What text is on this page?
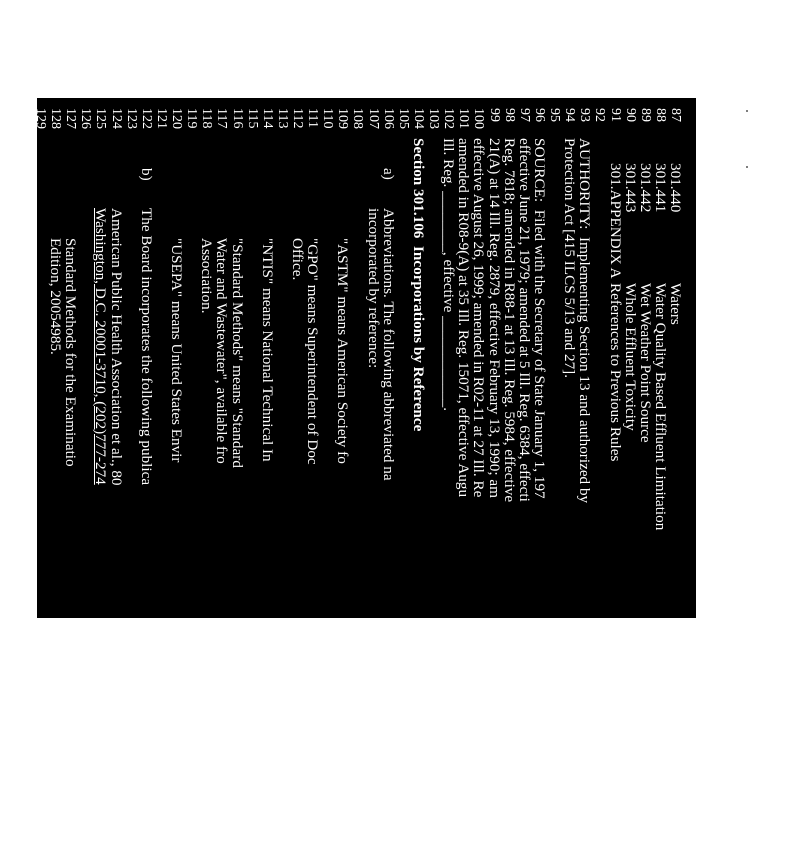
87
301.440
Waters
88
301.441
Water Quality Based Effluent Limitation
89
301.442
Wet Weather Point Source
90
301.443
Whole Effluent Toxicity
91
301.APPENDIX A
References to Previous Rules
92
93
AUTHORITY:  Implementing Section 13 and authorized by
94
Protection Act [415 ILCS 5/13 and 27].
95
96
SOURCE:  Filed with the Secretary of State January 1, 197
97
effective June 21, 1979; amended at 5 Ill. Reg. 6384, effecti
98
Reg. 7818; amended in R88-1 at 13 Ill. Reg. 5984, effective
99
21(A) at 14 Ill. Reg. 2879, effective February 13, 1990; am
100
effective August 26, 1999; amended in R02-11 at 27 Ill. Re
101
amended in R08-9(A) at 35 Ill. Reg. 15071, effective Augu
102
Ill. Reg. ________, effective ____________.
103
104
Section 301.106  Incorporations by Reference
105
106
a)
Abbreviations. The following abbreviated na
107
incorporated by reference:
108
109
"ASTM" means American Society fo
110
111
"GPO" means Superintendent of Doc
112
Office.
113
114
"NTIS" means National Technical In
115
116
"Standard Methods" means "Standard
117
Water and Wastewater", available fro
118
Association.
119
120
"USEPA" means United States Envir
121
122
b)
The Board incorporates the following publica
123
124
American Public Health Association et al., 80
125
Washington, D.C. 20001-3710, (202)777-274
126
127
Standard Methods for the Examinatio
128
Edition, 20054985.
129
